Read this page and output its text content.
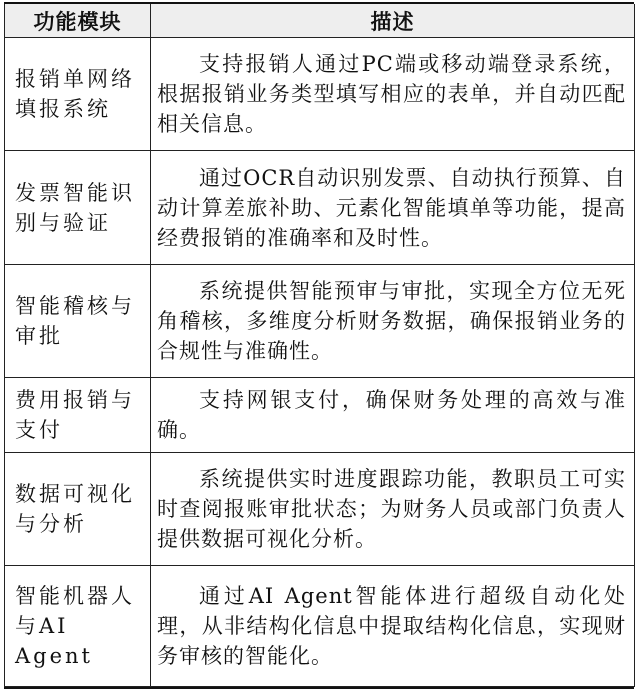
功能模块	描述
报销单网络填报系统	支持报销人通过PC端或移动端登录系统，根据报销业务类型填写相应的表单，并自动匹配相关信息。
发票智能识别与验证	通过OCR自动识别发票、自动执行预算、自动计算差旅补助、元素化智能填单等功能，提高经费报销的准确率和及时性。
智能稽核与审批	系统提供智能预审与审批，实现全方位无死角稽核，多维度分析财务数据，确保报销业务的合规性与准确性。
费用报销与支付	支持网银支付，确保财务处理的高效与准确。
数据可视化与分析	系统提供实时进度跟踪功能，教职员工可实时查阅报账审批状态；为财务人员或部门负责人提供数据可视化分析。
智能机器人与AI Agent	通过AI Agent智能体进行超级自动化处理，从非结构化信息中提取结构化信息，实现财务审核的智能化。
